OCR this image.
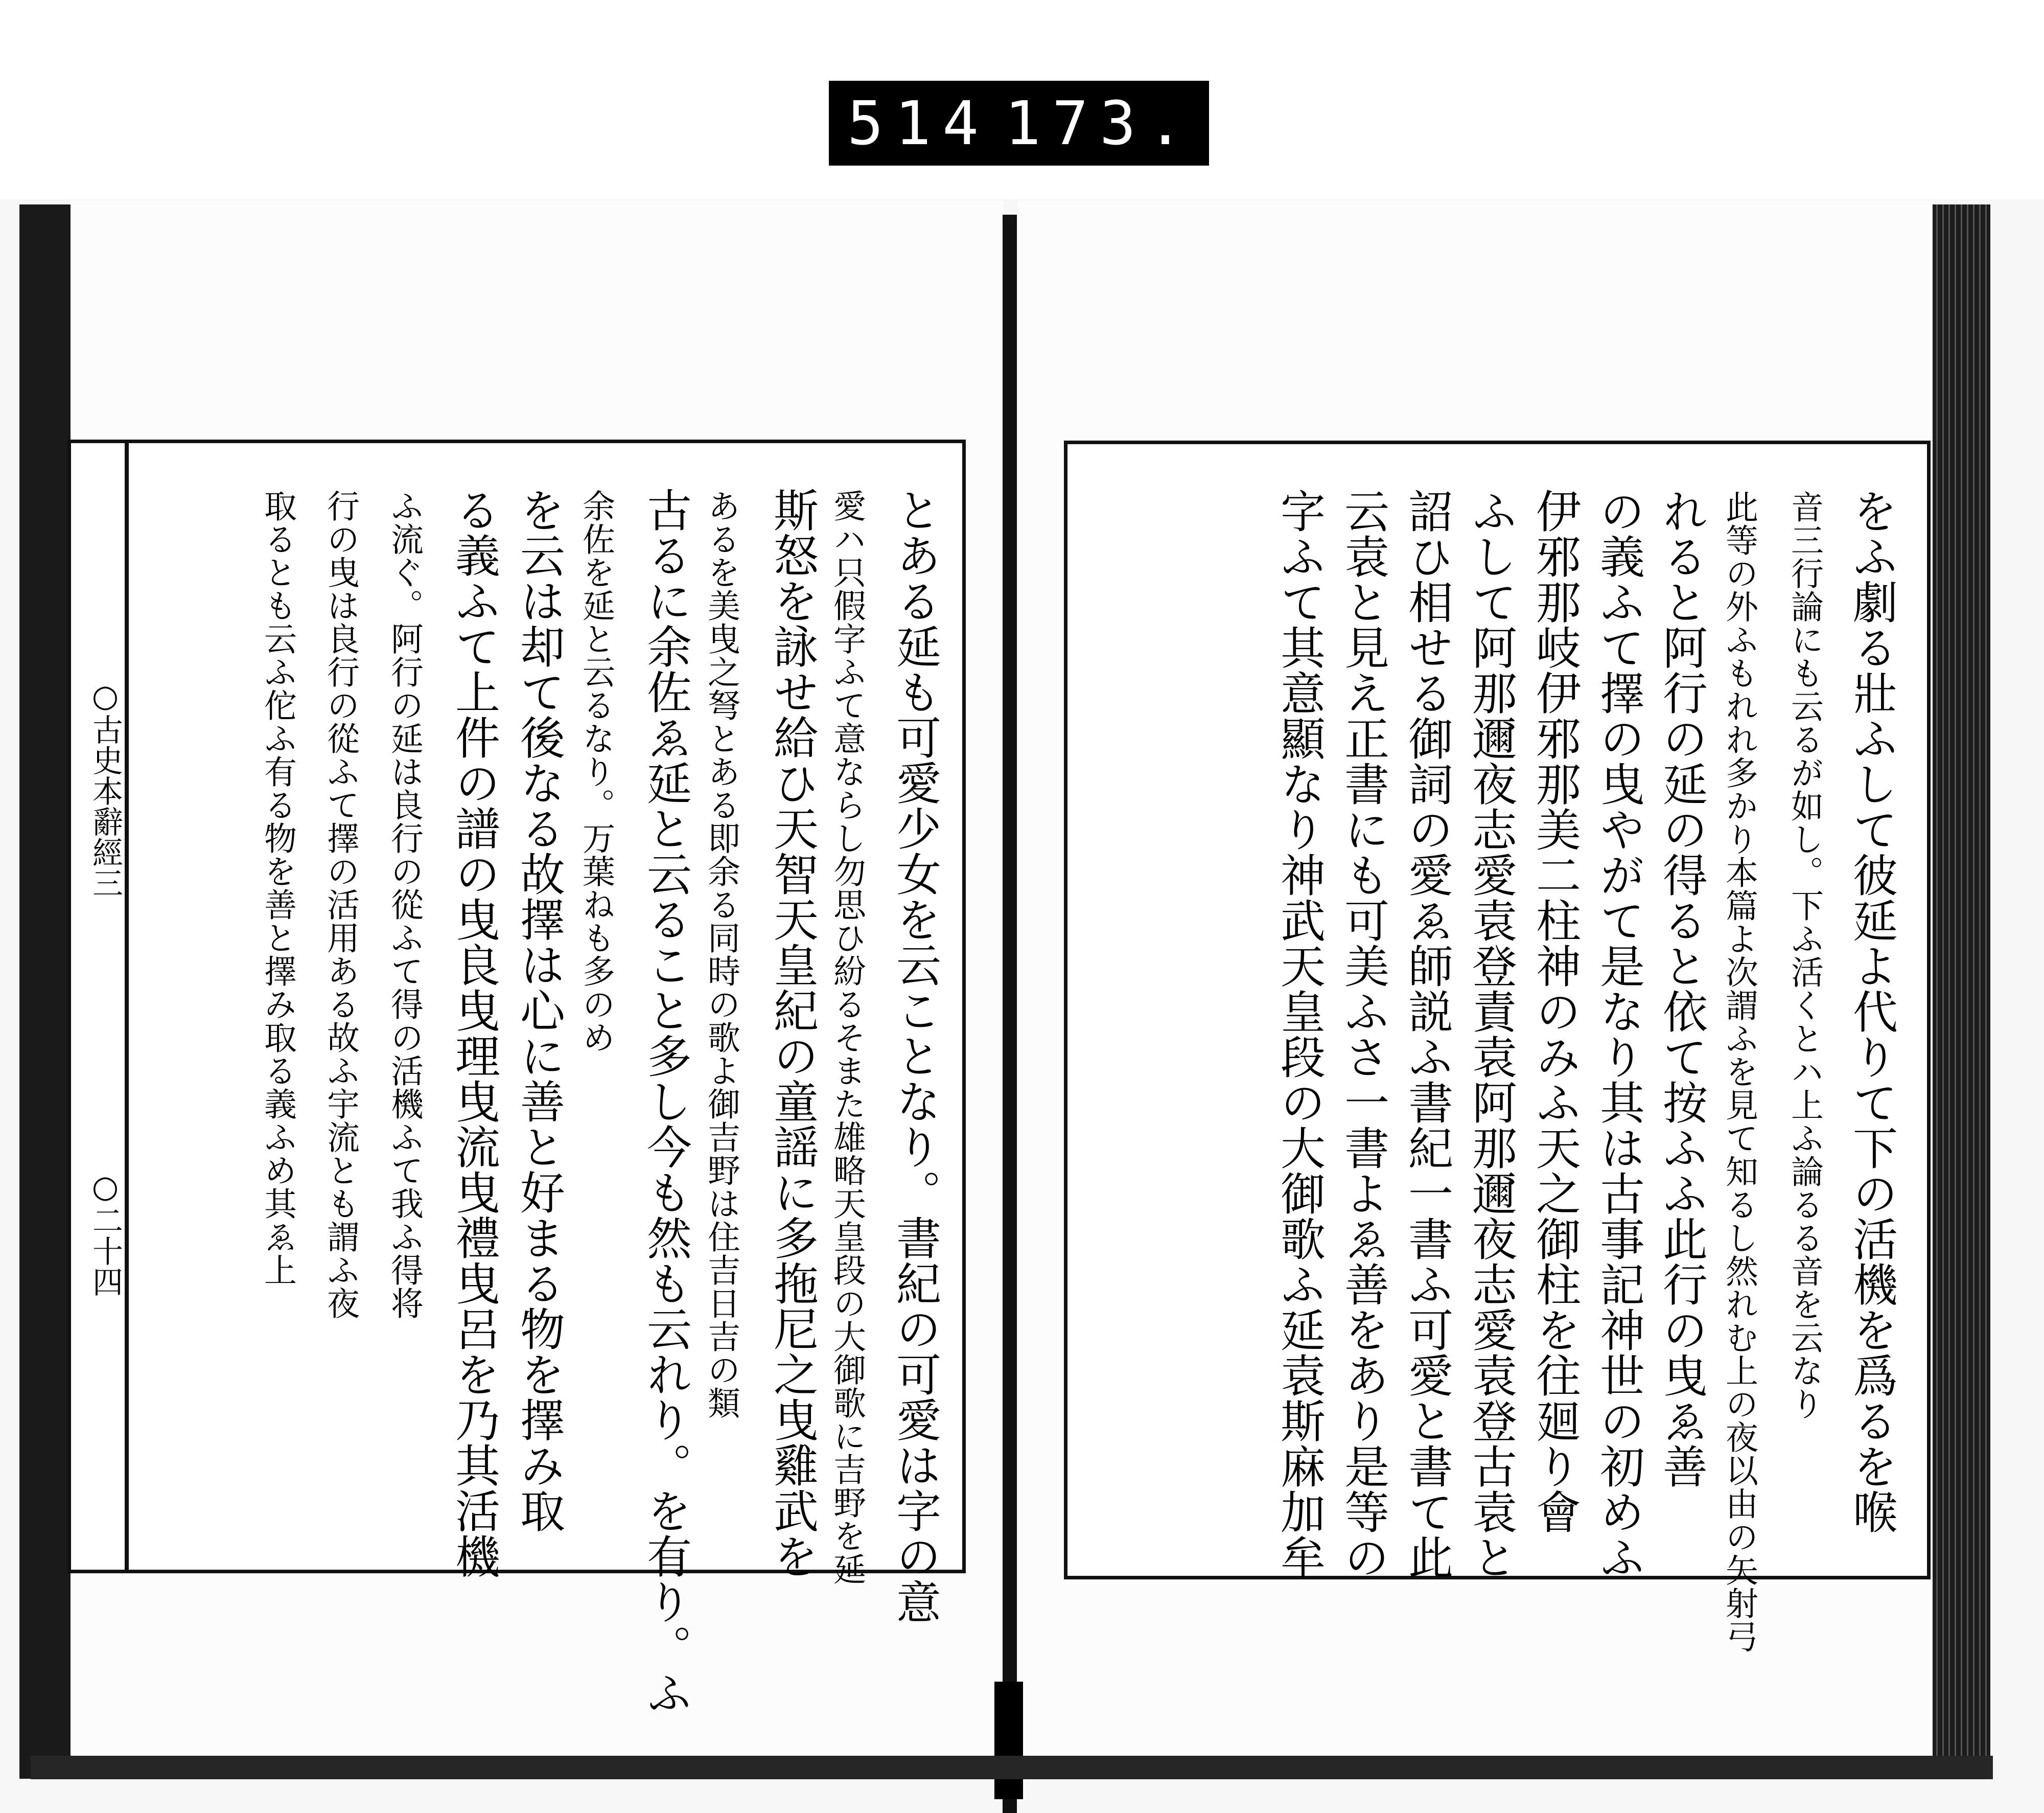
514 173.
○古史本辭經三
○二十四	とある延も可愛少女を云ことなり。書紀の可愛は字の意
愛ハ只假字ふて意ならし勿思ひ紛るそまた雄略天皇段の大御歌に吉野を延
斯怒を詠せ給ひ天智天皇紀の童謡に多拖尼之曳雞武を
あるを美曳之弩とある即余る同時の歌よ御吉野は住吉日吉の類
古るに余佐ゑ延と云ること多し今も然も云れり。を有り。ふ
余佐を延と云るなり。万葉ねも多のめ
を云は却て後なる故擇は心に善と好まる物を擇み取
る義ふて上件の譜の曳良曳理曳流曳禮曳呂を乃其活機
ふ流ぐ。阿行の延は良行の從ふて得の活機ふて我ふ得将
行の曳は良行の從ふて擇の活用ある故ふ宇流とも謂ふ夜
取るとも云ふ佗ふ有る物を善と擇み取る義ふめ其ゑ上	をふ劇る壯ふして彼延よ代りて下の活機を爲るを喉
音三行論にも云るが如し。下ふ活くとハ上ふ論るる音を云なり
此等の外ふもれれ多かり本篇よ次謂ふを見て知るし然れむ上の夜以由の矢射弓
れると阿行の延の得ると依て按ふふ此行の曳ゑ善
の義ふて擇の曳やがて是なり其は古事記神世の初めふ
伊邪那岐伊邪那美二柱神のみふ天之御柱を往廻り會
ふして阿那邇夜志愛袁登責袁阿那邇夜志愛袁登古袁と
詔ひ相せる御詞の愛ゑ師説ふ書紀一書ふ可愛と書て此
云袁と見え正書にも可美ふさ一書よゑ善をあり是等の
字ふて其意顯なり神武天皇段の大御歌ふ延袁斯麻加牟
